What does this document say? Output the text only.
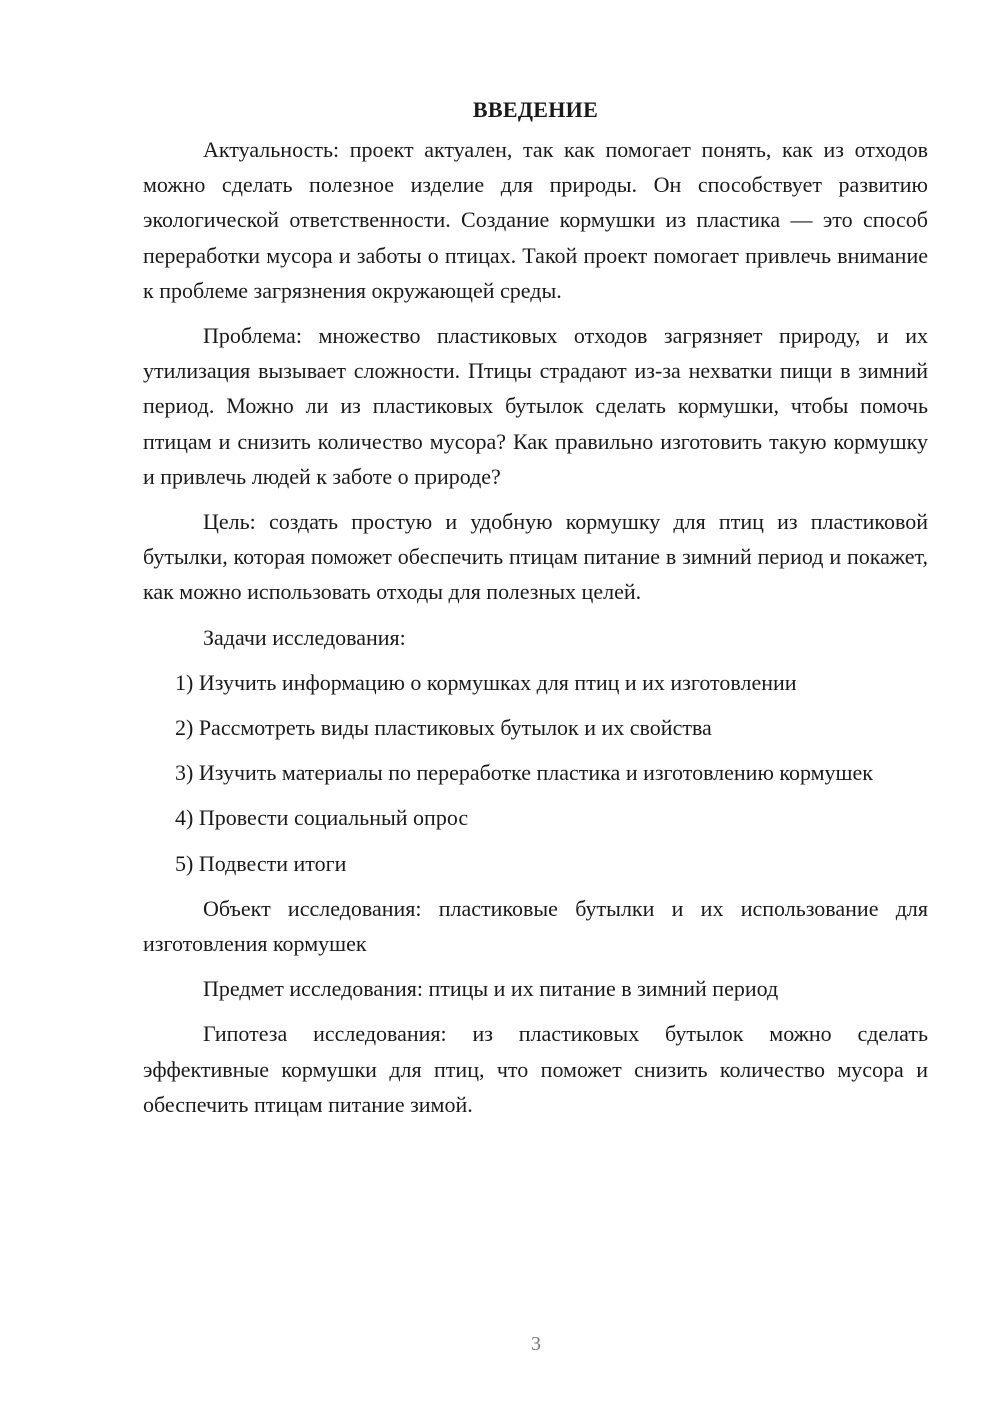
ВВЕДЕНИЕ

Актуальность: проект актуален, так как помогает понять, как из отходов можно сделать полезное изделие для природы. Он способствует развитию экологической ответственности. Создание кормушки из пластика — это способ переработки мусора и заботы о птицах. Такой проект помогает привлечь внимание к проблеме загрязнения окружающей среды.

Проблема: множество пластиковых отходов загрязняет природу, и их утилизация вызывает сложности. Птицы страдают из-за нехватки пищи в зимний период. Можно ли из пластиковых бутылок сделать кормушки, чтобы помочь птицам и снизить количество мусора? Как правильно изготовить такую кормушку и привлечь людей к заботе о природе?

Цель: создать простую и удобную кормушку для птиц из пластиковой бутылки, которая поможет обеспечить птицам питание в зимний период и покажет, как можно использовать отходы для полезных целей.

Задачи исследования:

1) Изучить информацию о кормушках для птиц и их изготовлении

2) Рассмотреть виды пластиковых бутылок и их свойства

3) Изучить материалы по переработке пластика и изготовлению кормушек

4) Провести социальный опрос

5) Подвести итоги

Объект исследования: пластиковые бутылки и их использование для изготовления кормушек

Предмет исследования: птицы и их питание в зимний период

Гипотеза исследования: из пластиковых бутылок можно сделать эффективные кормушки для птиц, что поможет снизить количество мусора и обеспечить птицам питание зимой.

3
